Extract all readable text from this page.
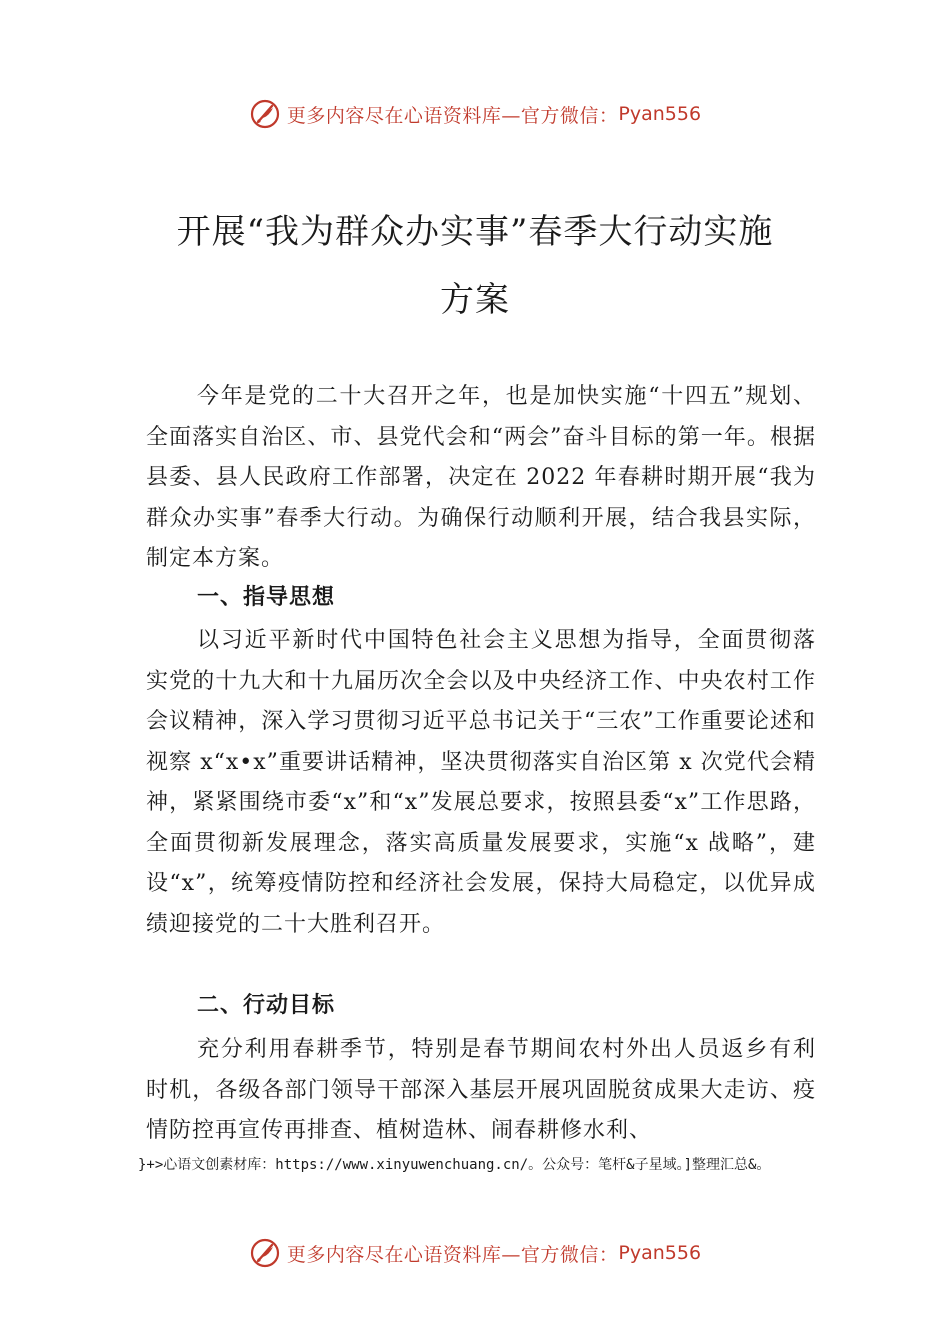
更多内容尽在心语资料库—官方微信： Pyan556
开展“我为群众办实事”春季大行动实施
方案

今年是党的二十大召开之年，也是加快实施“十四五”规划、全面落实自治区、市、县党代会和“两会”奋斗目标的第一年。根据县委、县人民政府工作部署，决定在 2022 年春耕时期开展“我为群众办实事”春季大行动。为确保行动顺利开展，结合我县实际，制定本方案。

一、指导思想

以习近平新时代中国特色社会主义思想为指导，全面贯彻落实党的十九大和十九届历次全会以及中央经济工作、中央农村工作会议精神，深入学习贯彻习近平总书记关于“三农”工作重要论述和视察 x“x•x”重要讲话精神，坚决贯彻落实自治区第 x 次党代会精神，紧紧围绕市委“x”和“x”发展总要求，按照县委“x”工作思路，全面贯彻新发展理念，落实高质量发展要求，实施“x 战略”，建设“x”，统筹疫情防控和经济社会发展，保持大局稳定，以优异成绩迎接党的二十大胜利召开。

二、行动目标

充分利用春耕季节，特别是春节期间农村外出人员返乡有利时机，各级各部门领导干部深入基层开展巩固脱贫成果大走访、疫情防控再宣传再排查、植树造林、闹春耕修水利、

}+>心语文创素材库：https://www.xinyuwenchuang.cn/。公众号：笔杆&子星域。]整理汇总&。
更多内容尽在心语资料库—官方微信： Pyan556
